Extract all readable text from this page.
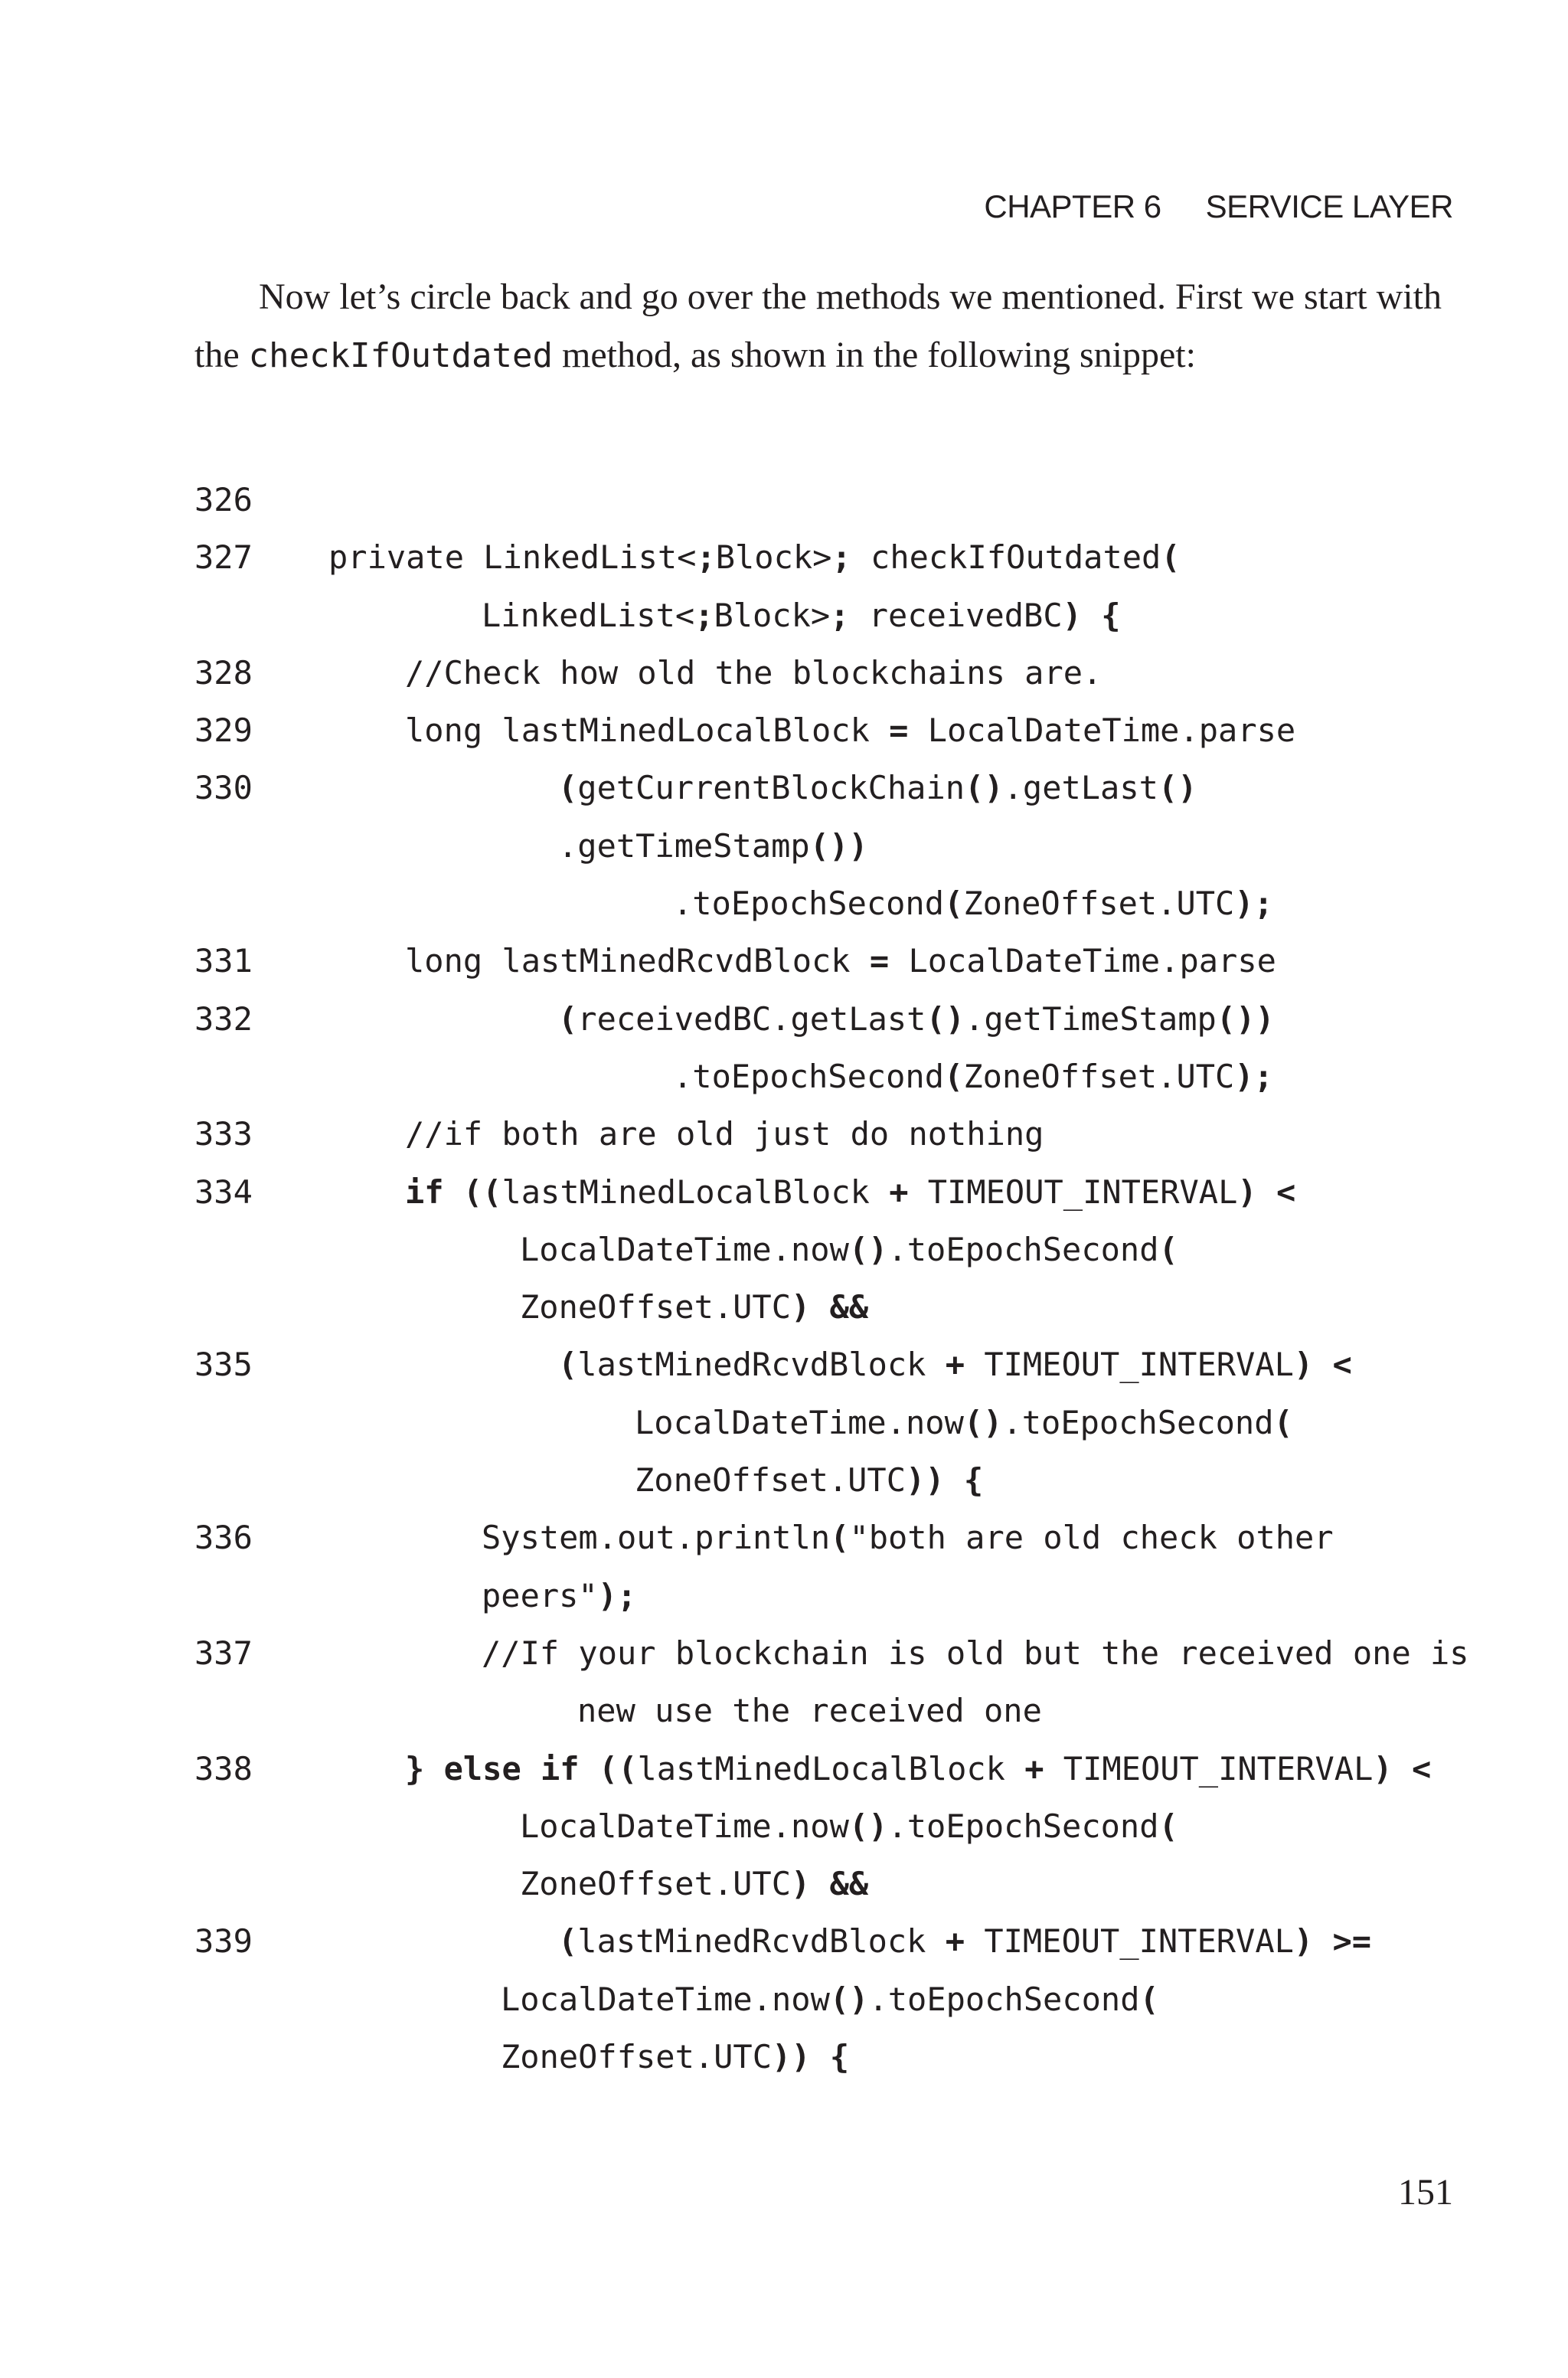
CHAPTER 6 SERVICE LAYER

Now let’s circle back and go over the methods we mentioned. First we start with the checkIfOutdated method, as shown in the following snippet:

326
327 private LinkedList<;Block>; checkIfOutdated(
LinkedList<;Block>; receivedBC) {
328	//Check how old the blockchains are.
329	long lastMinedLocalBlock = LocalDateTime.parse
330	(getCurrentBlockChain().getLast()
.getTimeStamp())
.toEpochSecond(ZoneOffset.UTC);
331	long lastMinedRcvdBlock = LocalDateTime.parse
332	(receivedBC.getLast().getTimeStamp())
.toEpochSecond(ZoneOffset.UTC);
333	//if both are old just do nothing
334	if ((lastMinedLocalBlock + TIMEOUT_INTERVAL) <
LocalDateTime.now().toEpochSecond(
ZoneOffset.UTC) &&
335	(lastMinedRcvdBlock + TIMEOUT_INTERVAL) <
LocalDateTime.now().toEpochSecond(
ZoneOffset.UTC)) {
336	System.out.println("both are old check other
peers");
337	//If your blockchain is old but the received one is
new use the received one
338	} else if ((lastMinedLocalBlock + TIMEOUT_INTERVAL) <
LocalDateTime.now().toEpochSecond(
ZoneOffset.UTC) &&
339	(lastMinedRcvdBlock + TIMEOUT_INTERVAL) >=
LocalDateTime.now().toEpochSecond(
ZoneOffset.UTC)) {
151
